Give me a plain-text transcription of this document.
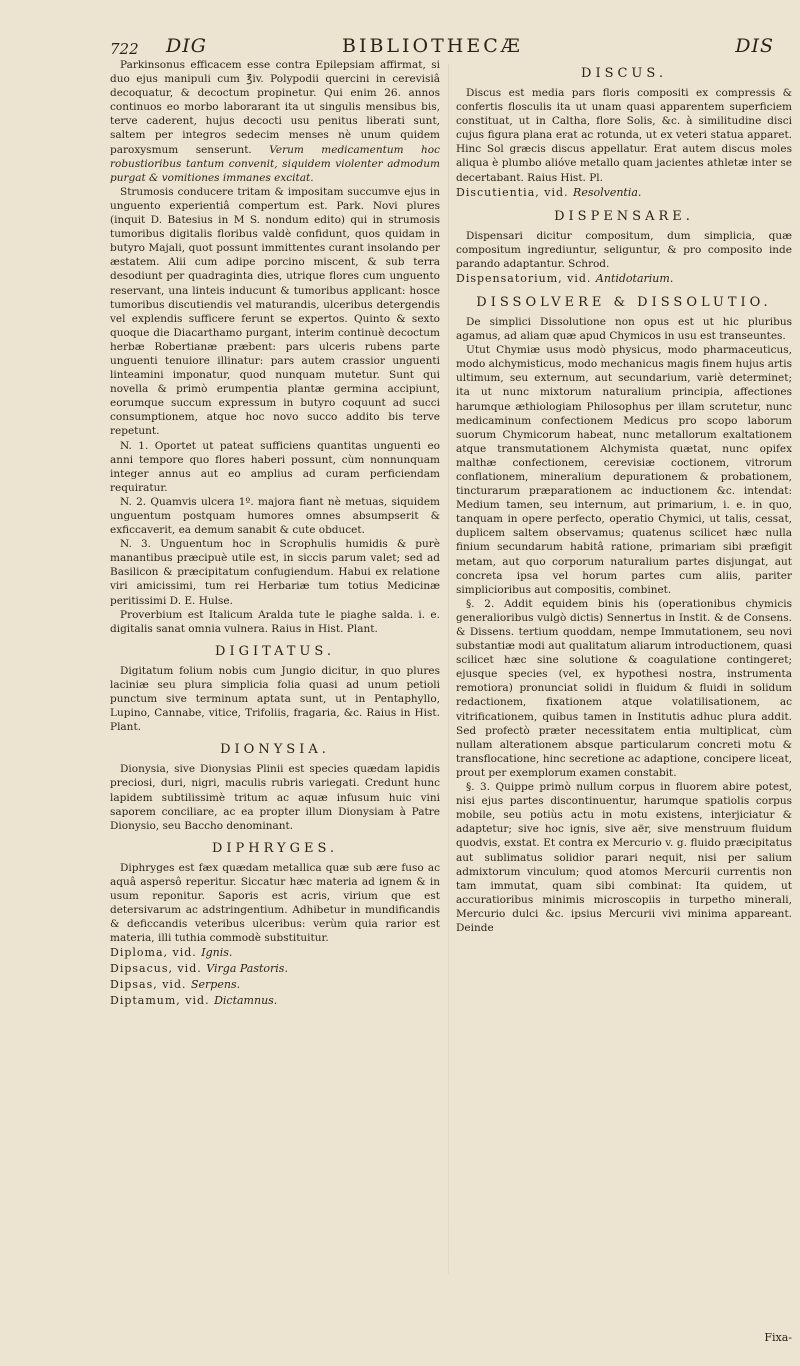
722 DIG	BIBLIOTHECÆ	DIS

Parkinsonus efficacem esse contra Epilepsiam affirmat, si duo ejus manipuli cum ℥iv. Polypodii quercini in cerevisiâ decoquatur, & decoctum propinetur. Qui enim 26. annos continuos eo morbo laborarant ita ut singulis mensibus bis, terve caderent, hujus decocti usu penitus liberati sunt, saltem per integros sedecim menses nè unum quidem paroxysmum senserunt. Verum medicamentum hoc robustioribus tantum convenit, siquidem violenter admodum purgat & vomitiones immanes excitat.

Strumosis conducere tritam & impositam succumve ejus in unguento experientiâ compertum est. Park. Novi plures (inquit D. Batesius in M S. nondum edito) qui in strumosis tumoribus digitalis floribus valdè confidunt, quos quidam in butyro Majali, quot possunt immittentes curant insolando per æstatem. Alii cum adipe porcino miscent, & sub terra desodiunt per quadraginta dies, utrique flores cum unguento reservant, una linteis inducunt & tumoribus applicant: hosce tumoribus discutiendis vel maturandis, ulceribus detergendis vel explendis sufficere ferunt se expertos. Quinto & sexto quoque die Diacarthamo purgant, interim continuè decoctum herbæ Robertianæ præbent: pars ulceris rubens parte unguenti tenuiore illinatur: pars autem crassior unguenti linteamini imponatur, quod nunquam mutetur. Sunt qui novella & primò erumpentia plantæ germina accipiunt, eorumque succum expressum in butyro coquunt ad succi consumptionem, atque hoc novo succo addito bis terve repetunt.

N. 1. Oportet ut pateat sufficiens quantitas unguenti eo anni tempore quo flores haberi possunt, cùm nonnunquam integer annus aut eo amplius ad curam perficiendam requiratur.

N. 2. Quamvis ulcera 1º. majora fiant nè metuas, siquidem unguentum postquam humores omnes absumpserit & exficcaverit, ea demum sanabit & cute obducet.

N. 3. Unguentum hoc in Scrophulis humidis & purè manantibus præcipuè utile est, in siccis parum valet; sed ad Basilicon & præcipitatum confugiendum. Habui ex relatione viri amicissimi, tum rei Herbariæ tum totius Medicinæ peritissimi D. E. Hulse.

Proverbium est Italicum Aralda tute le piaghe salda. i. e. digitalis sanat omnia vulnera. Raius in Hist. Plant.

DIGITATUS.

Digitatum folium nobis cum Jungio dicitur, in quo plures laciniæ seu plura simplicia folia quasi ad unum petioli punctum sive terminum aptata sunt, ut in Pentaphyllo, Lupino, Cannabe, vitice, Trifoliis, fragaria, &c. Raius in Hist. Plant.

DIONYSIA.

Dionysia, sive Dionysias Plinii est species quædam lapidis preciosi, duri, nigri, maculis rubris variegati. Credunt hunc lapidem subtilissimè tritum ac aquæ infusum huic vini saporem conciliare, ac ea propter illum Dionysiam à Patre Dionysio, seu Baccho denominant.

DIPHRYGES.

Diphryges est fæx quædam metallica quæ sub ære fuso ac aquâ aspersô reperitur. Siccatur hæc materia ad ignem & in usum reponitur. Saporis est acris, virium que est detersivarum ac adstringentium. Adhibetur in mundificandis & deficcandis veteribus ulceribus: verùm quia rarior est materia, illi tuthia commodè substituitur.

Diploma, vid. Ignis.

Dipsacus, vid. Virga Pastoris.

Dipsas, vid. Serpens.

Diptamum, vid. Dictamnus.

DISCUS.

Discus est media pars floris compositi ex compressis & confertis flosculis ita ut unam quasi apparentem superficiem constituat, ut in Caltha, flore Solis, &c. à similitudine disci cujus figura plana erat ac rotunda, ut ex veteri statua apparet. Hinc Sol græcis discus appellatur. Erat autem discus moles aliqua è plumbo alióve metallo quam jacientes athletæ inter se decertabant. Raius Hist. Pl.

Discutientia, vid. Resolventia.

DISPENSARE.

Dispensari dicitur compositum, dum simplicia, quæ compositum ingrediuntur, seliguntur, & pro composito inde parando adaptantur. Schrod.

Dispensatorium, vid. Antidotarium.

DISSOLVERE & DISSOLUTIO.

De simplici Dissolutione non opus est ut hic pluribus agamus, ad aliam quæ apud Chymicos in usu est transeuntes.

Utut Chymiæ usus modò physicus, modo pharmaceuticus, modo alchymisticus, modo mechanicus magis finem hujus artis ultimum, seu externum, aut secundarium, variè determinet; ita ut nunc mixtorum naturalium principia, affectiones harumque æthiologiam Philosophus per illam scrutetur, nunc medicaminum confectionem Medicus pro scopo laborum suorum Chymicorum habeat, nunc metallorum exaltationem atque transmutationem Alchymista quætat, nunc opifex malthæ confectionem, cerevisiæ coctionem, vitrorum conflationem, mineralium depurationem & probationem, tincturarum præparationem ac inductionem &c. intendat: Medium tamen, seu internum, aut primarium, i. e. in quo, tanquam in opere perfecto, operatio Chymici, ut talis, cessat, duplicem saltem observamus; quatenus scilicet hæc nulla finium secundarum habitâ ratione, primariam sibi præfigit metam, aut quo corporum naturalium partes disjungat, aut concreta ipsa vel horum partes cum aliis, pariter simplicioribus aut compositis, combinet.

§. 2. Addit equidem binis his (operationibus chymicis generalioribus vulgò dictis) Sennertus in Instit. & de Consens. & Dissens. tertium quoddam, nempe Immutationem, seu novi substantiæ modi aut qualitatum aliarum introductionem, quasi scilicet hæc sine solutione & coagulatione contingeret; ejusque species (vel, ex hypothesi nostra, instrumenta remotiora) pronunciat solidi in fluidum & fluidi in solidum redactionem, fixationem atque volatilisationem, ac vitrificationem, quibus tamen in Institutis adhuc plura addit. Sed profectò præter necessitatem entia multiplicat, cùm nullam alterationem absque particularum concreti motu & transflocatione, hinc secretione ac adaptione, concipere liceat, prout per exemplorum examen constabit.

§. 3. Quippe primò nullum corpus in fluorem abire potest, nisi ejus partes discontinuentur, harumque spatiolis corpus mobile, seu potiùs actu in motu existens, interjiciatur & adaptetur; sive hoc ignis, sive aër, sive menstruum fluidum quodvis, exstat. Et contra ex Mercurio v. g. fluido præcipitatus aut sublimatus solidior parari nequit, nisi per salium admixtorum vinculum; quod atomos Mercurii currentis non tam immutat, quam sibi combinat: Ita quidem, ut accuratioribus minimis microscopiis in turpetho minerali, Mercurio dulci &c. ipsius Mercurii vivi minima appareant. Deinde

Fixa-
